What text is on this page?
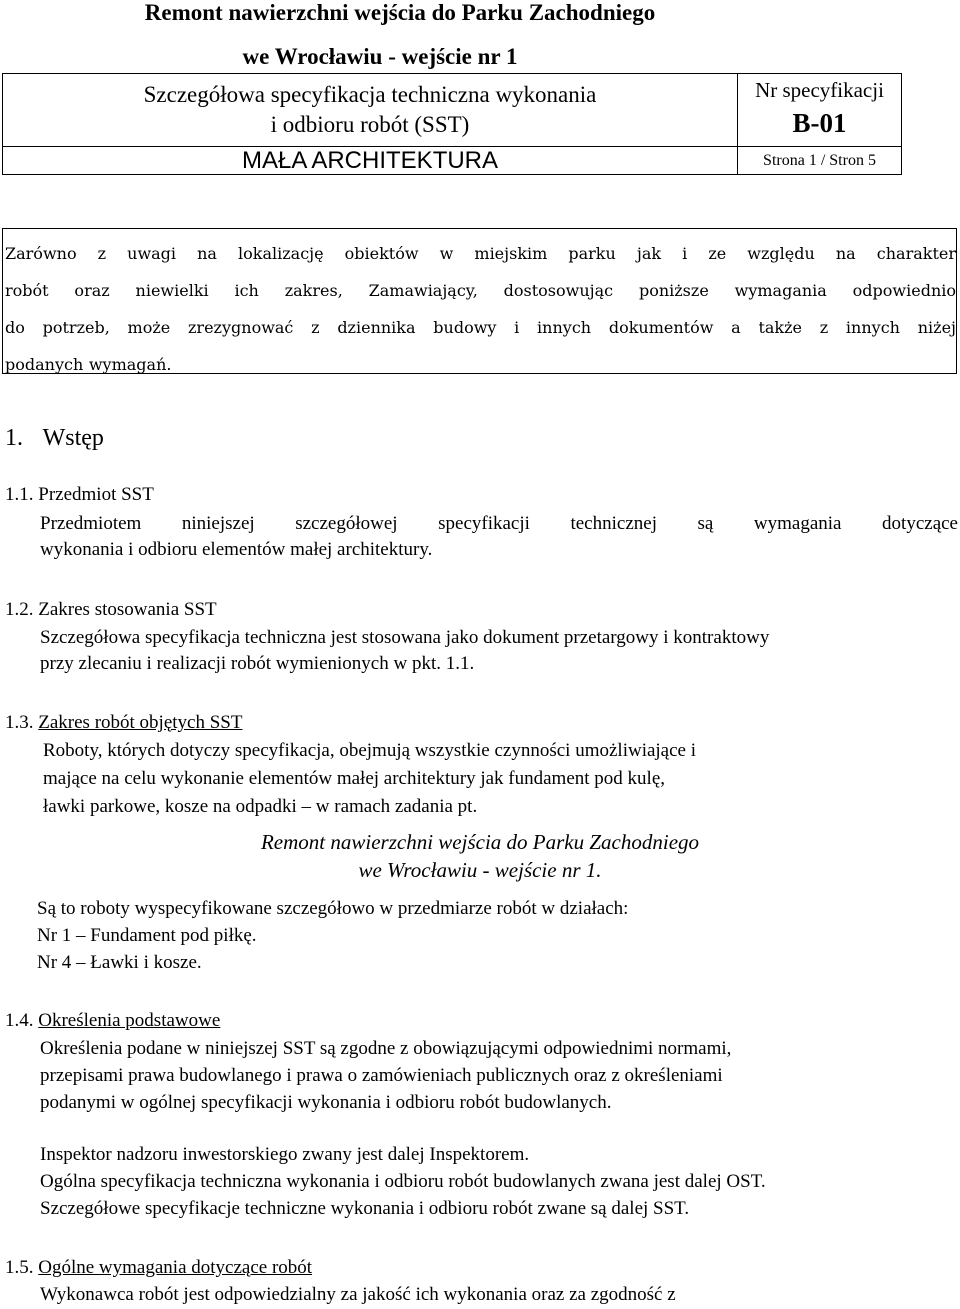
Remont nawierzchni wejścia do Parku Zachodniego
we Wrocławiu - wejście nr 1
Szczegółowa specyfikacja techniczna wykonania
i odbioru robót (SST)
MAŁA ARCHITEKTURA
Nr specyfikacji
B-01
Strona 1 / Stron 5
Zarówno z uwagi na lokalizację obiektów w miejskim parku jak i ze względu na charakter
robót oraz niewielki ich zakres, Zamawiający, dostosowując poniższe wymagania odpowiednio
do potrzeb, może zrezygnować z dziennika budowy i innych dokumentów a także z innych niżej
podanych wymagań.
1. Wstęp
1.1. Przedmiot SST
Przedmiotem niniejszej szczegółowej specyfikacji technicznej są wymagania dotyczące
wykonania i odbioru elementów małej architektury.
1.2. Zakres stosowania SST
Szczegółowa specyfikacja techniczna jest stosowana jako dokument przetargowy i kontraktowy
przy zlecaniu i realizacji robót wymienionych w pkt. 1.1.
1.3. Zakres robót objętych SST
Roboty, których dotyczy specyfikacja, obejmują wszystkie czynności umożliwiające i
mające na celu wykonanie elementów małej architektury jak fundament pod kulę,
ławki parkowe, kosze na odpadki – w ramach zadania pt.
Remont nawierzchni wejścia do Parku Zachodniego
we Wrocławiu - wejście nr 1.
Są to roboty wyspecyfikowane szczegółowo w przedmiarze robót w działach:
Nr 1 – Fundament pod piłkę.
Nr 4 – Ławki i kosze.
1.4. Określenia podstawowe
Określenia podane w niniejszej SST są zgodne z obowiązującymi odpowiednimi normami,
przepisami prawa budowlanego i prawa o zamówieniach publicznych oraz z określeniami
podanymi w ogólnej specyfikacji wykonania i odbioru robót budowlanych.
Inspektor nadzoru inwestorskiego zwany jest dalej Inspektorem.
Ogólna specyfikacja techniczna wykonania i odbioru robót budowlanych zwana jest dalej OST.
Szczegółowe specyfikacje techniczne wykonania i odbioru robót zwane są dalej SST.
1.5. Ogólne wymagania dotyczące robót
Wykonawca robót jest odpowiedzialny za jakość ich wykonania oraz za zgodność z
